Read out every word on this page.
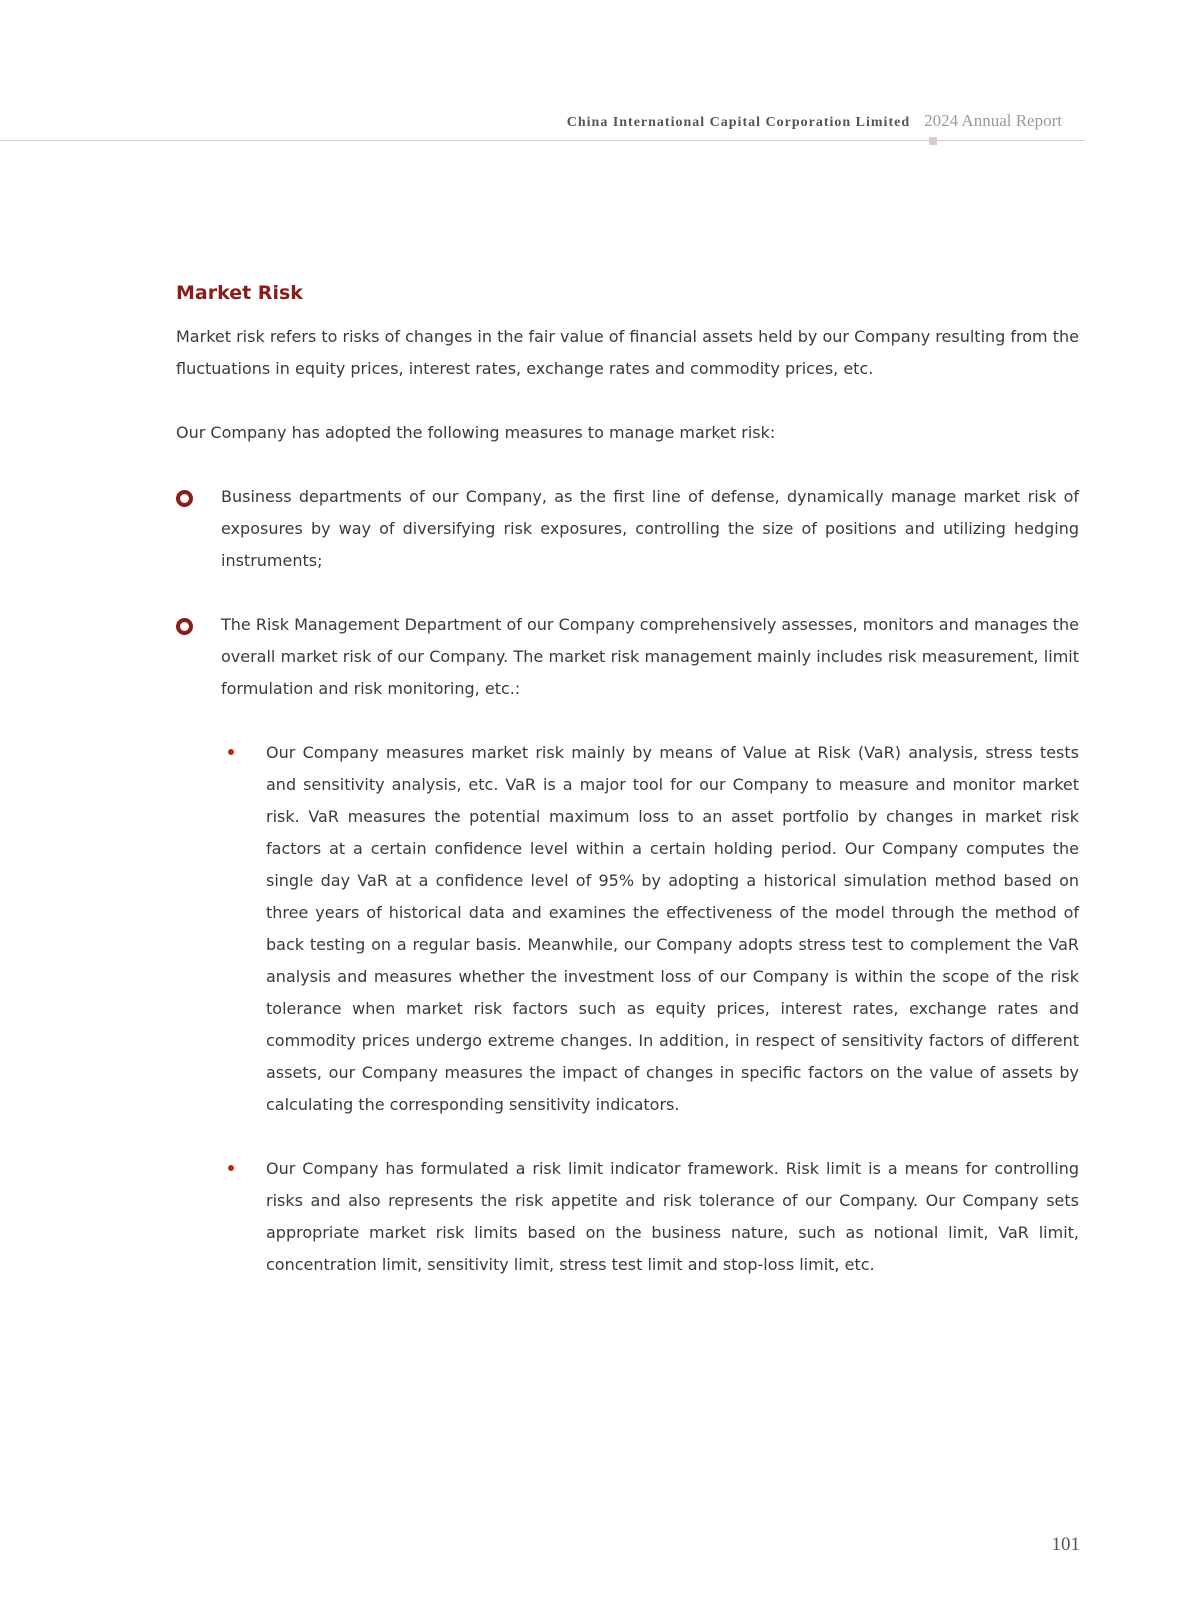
China International Capital Corporation Limited 2024 Annual Report
Market Risk

Market risk refers to risks of changes in the fair value of financial assets held by our Company resulting from the fluctuations in equity prices, interest rates, exchange rates and commodity prices, etc.

Our Company has adopted the following measures to manage market risk:

Business departments of our Company, as the first line of defense, dynamically manage market risk of exposures by way of diversifying risk exposures, controlling the size of positions and utilizing hedging instruments;
The Risk Management Department of our Company comprehensively assesses, monitors and manages the overall market risk of our Company. The market risk management mainly includes risk measurement, limit formulation and risk monitoring, etc.:
Our Company measures market risk mainly by means of Value at Risk (VaR) analysis, stress tests and sensitivity analysis, etc. VaR is a major tool for our Company to measure and monitor market risk. VaR measures the potential maximum loss to an asset portfolio by changes in market risk factors at a certain confidence level within a certain holding period. Our Company computes the single day VaR at a confidence level of 95% by adopting a historical simulation method based on three years of historical data and examines the effectiveness of the model through the method of back testing on a regular basis. Meanwhile, our Company adopts stress test to complement the VaR analysis and measures whether the investment loss of our Company is within the scope of the risk tolerance when market risk factors such as equity prices, interest rates, exchange rates and commodity prices undergo extreme changes. In addition, in respect of sensitivity factors of different assets, our Company measures the impact of changes in specific factors on the value of assets by calculating the corresponding sensitivity indicators.
Our Company has formulated a risk limit indicator framework. Risk limit is a means for controlling risks and also represents the risk appetite and risk tolerance of our Company. Our Company sets appropriate market risk limits based on the business nature, such as notional limit, VaR limit, concentration limit, sensitivity limit, stress test limit and stop-loss limit, etc.
101
